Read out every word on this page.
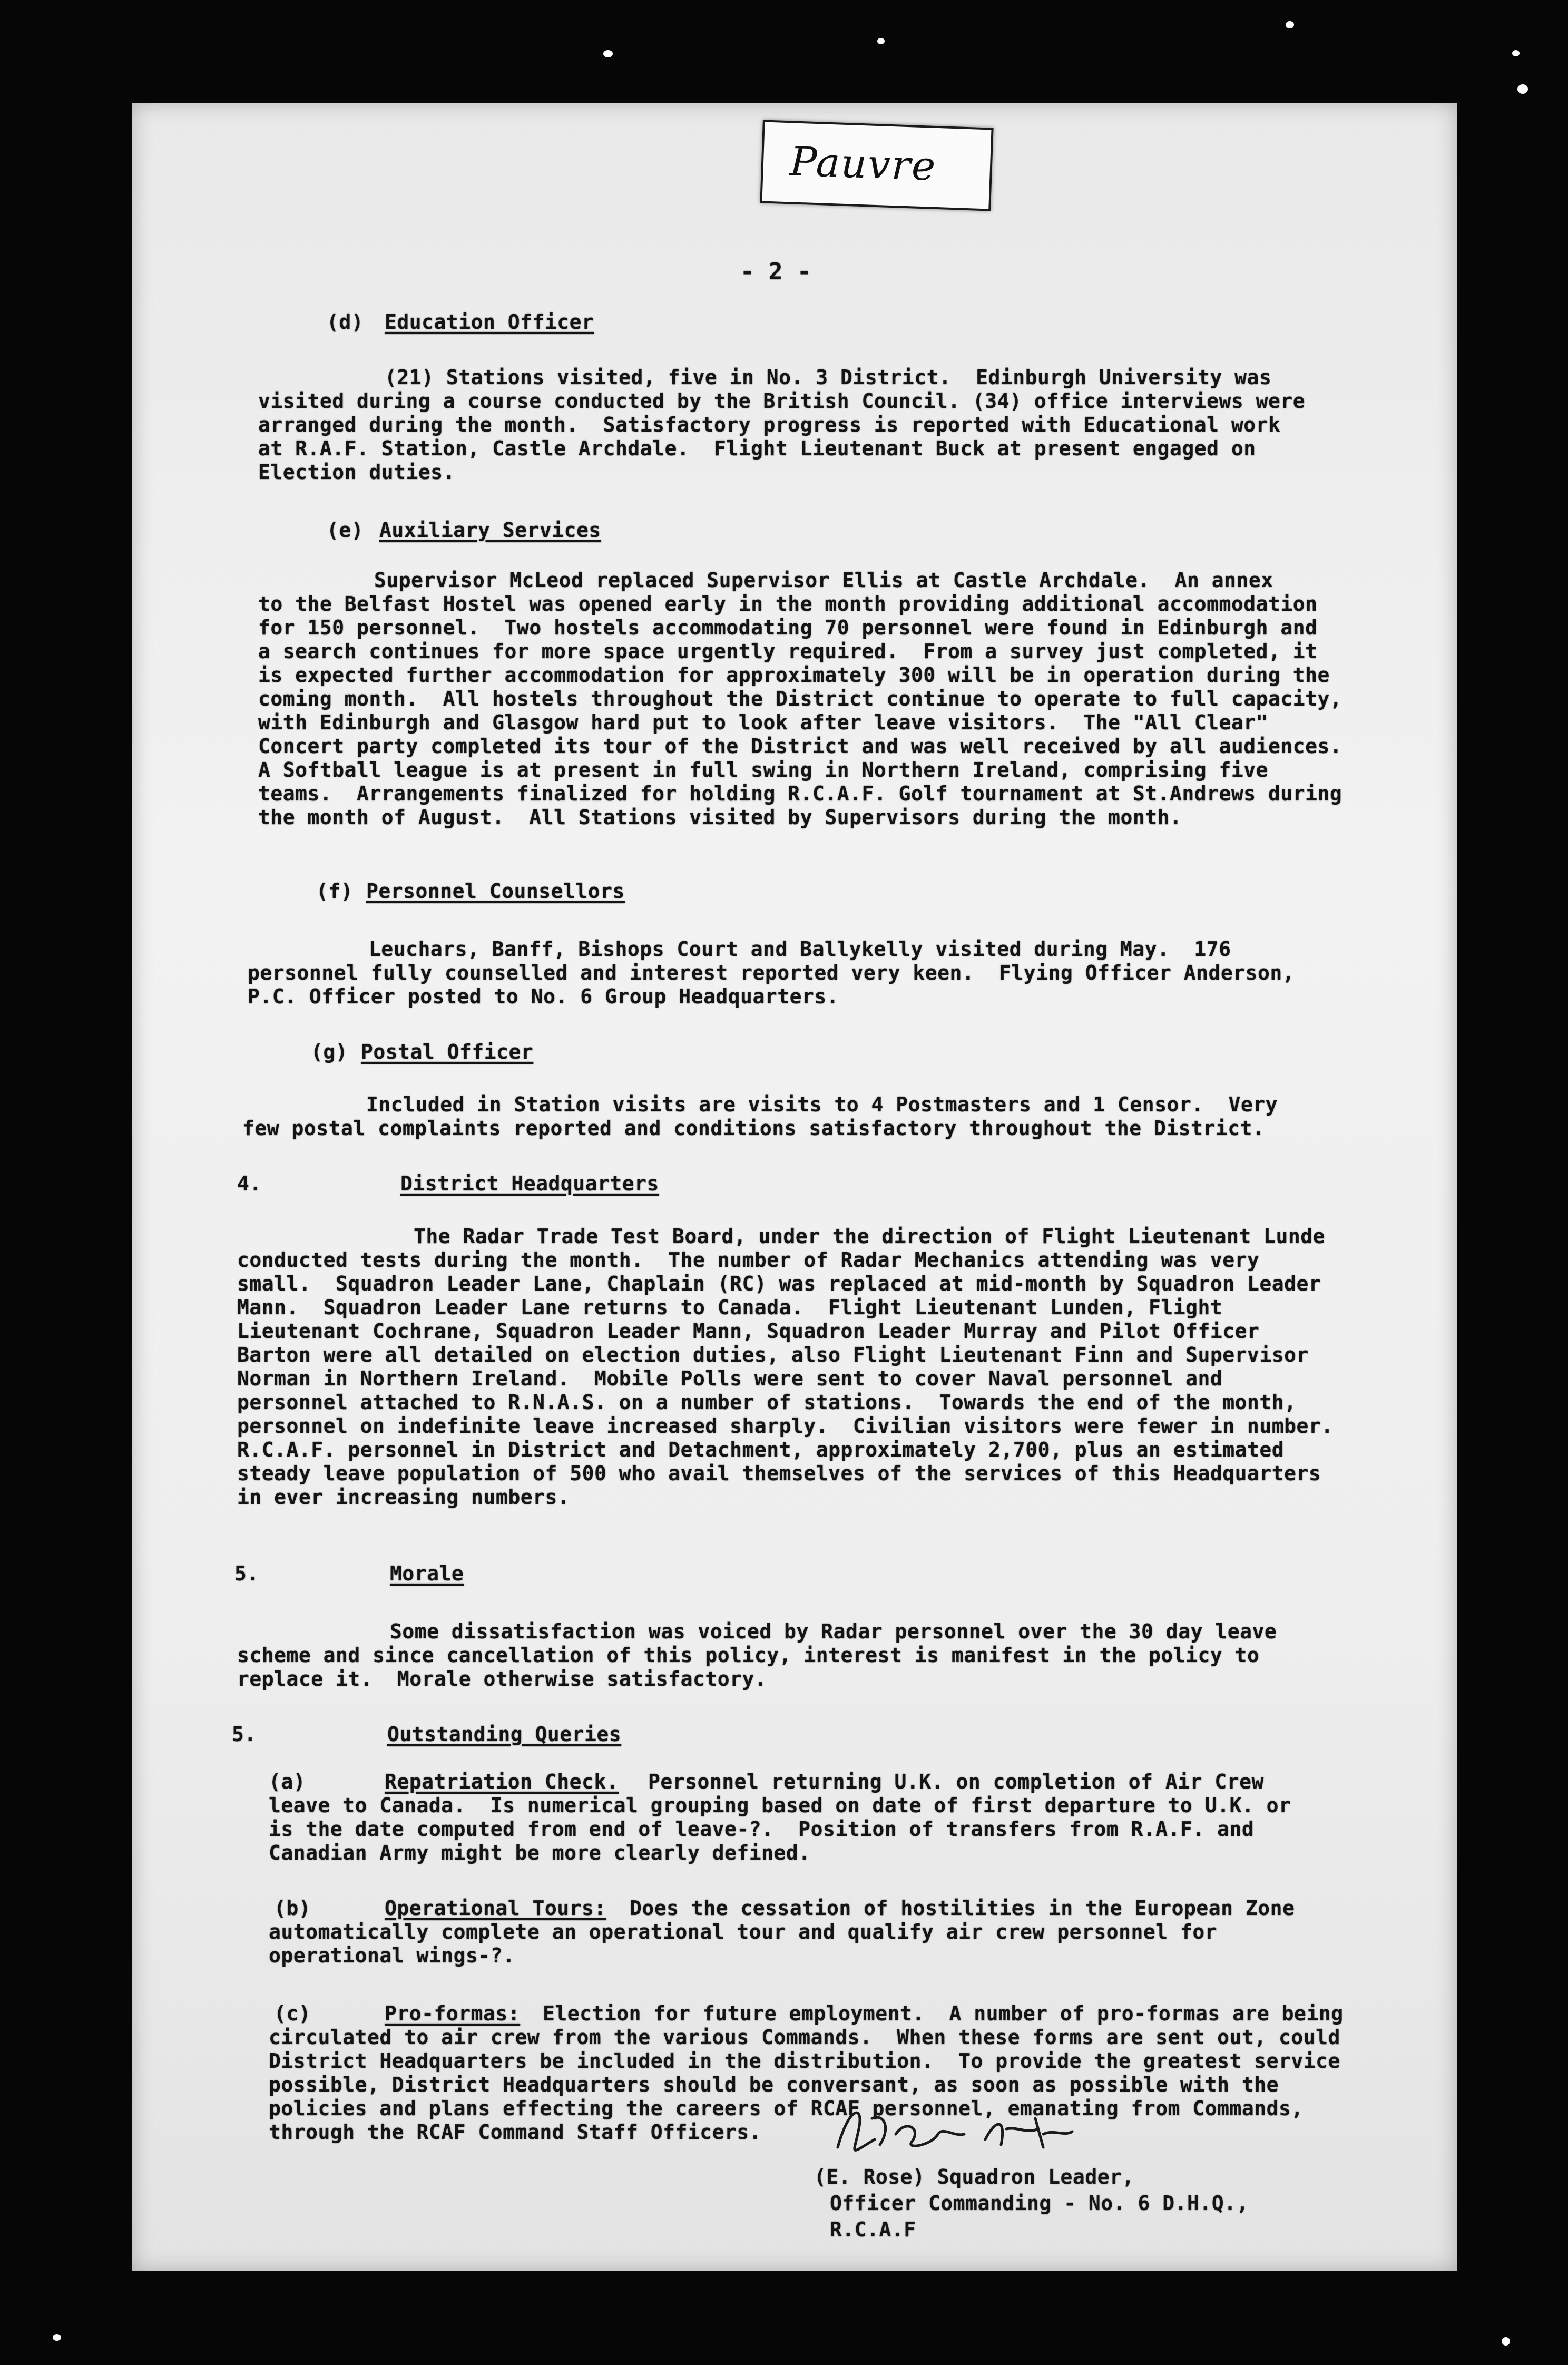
Pauvre
- 2 -
(d) Education Officer
(21) Stations visited, five in No. 3 District.  Edinburgh University was
visited during a course conducted by the British Council. (34) office interviews were
arranged during the month.  Satisfactory progress is reported with Educational work
at R.A.F. Station, Castle Archdale.  Flight Lieutenant Buck at present engaged on
Election duties.
(e) Auxiliary Services
Supervisor McLeod replaced Supervisor Ellis at Castle Archdale.  An annex
to the Belfast Hostel was opened early in the month providing additional accommodation
for 150 personnel.  Two hostels accommodating 70 personnel were found in Edinburgh and
a search continues for more space urgently required.  From a survey just completed, it
is expected further accommodation for approximately 300 will be in operation during the
coming month.  All hostels throughout the District continue to operate to full capacity,
with Edinburgh and Glasgow hard put to look after leave visitors.  The "All Clear"
Concert party completed its tour of the District and was well received by all audiences.
A Softball league is at present in full swing in Northern Ireland, comprising five
teams.  Arrangements finalized for holding R.C.A.F. Golf tournament at St.Andrews during
the month of August.  All Stations visited by Supervisors during the month.
(f) Personnel Counsellors
Leuchars, Banff, Bishops Court and Ballykelly visited during May.  176
personnel fully counselled and interest reported very keen.  Flying Officer Anderson,
P.C. Officer posted to No. 6 Group Headquarters.
(g) Postal Officer
Included in Station visits are visits to 4 Postmasters and 1 Censor.  Very
few postal complaints reported and conditions satisfactory throughout the District.
4.	District Headquarters
The Radar Trade Test Board, under the direction of Flight Lieutenant Lunde
conducted tests during the month.  The number of Radar Mechanics attending was very
small.  Squadron Leader Lane, Chaplain (RC) was replaced at mid-month by Squadron Leader
Mann.  Squadron Leader Lane returns to Canada.  Flight Lieutenant Lunden, Flight
Lieutenant Cochrane, Squadron Leader Mann, Squadron Leader Murray and Pilot Officer
Barton were all detailed on election duties, also Flight Lieutenant Finn and Supervisor
Norman in Northern Ireland.  Mobile Polls were sent to cover Naval personnel and
personnel attached to R.N.A.S. on a number of stations.  Towards the end of the month,
personnel on indefinite leave increased sharply.  Civilian visitors were fewer in number.
R.C.A.F. personnel in District and Detachment, approximately 2,700, plus an estimated
steady leave population of 500 who avail themselves of the services of this Headquarters
in ever increasing numbers.
5.	Morale
Some dissatisfaction was voiced by Radar personnel over the 30 day leave
scheme and since cancellation of this policy, interest is manifest in the policy to
replace it.  Morale otherwise satisfactory.
5.	Outstanding Queries
(a)	Repatriation Check. Personnel returning U.K. on completion of Air Crew
leave to Canada.  Is numerical grouping based on date of first departure to U.K. or
is the date computed from end of leave-?.  Position of transfers from R.A.F. and
Canadian Army might be more clearly defined.
(b)	Operational Tours: Does the cessation of hostilities in the European Zone
automatically complete an operational tour and qualify air crew personnel for
operational wings-?.
(c)	Pro-formas: Election for future employment.  A number of pro-formas are being
circulated to air crew from the various Commands.  When these forms are sent out, could
District Headquarters be included in the distribution.  To provide the greatest service
possible, District Headquarters should be conversant, as soon as possible with the
policies and plans effecting the careers of RCAF personnel, emanating from Commands,
through the RCAF Command Staff Officers.
(E. Rose) Squadron Leader,
Officer Commanding - No. 6 D.H.Q.,
R.C.A.F
